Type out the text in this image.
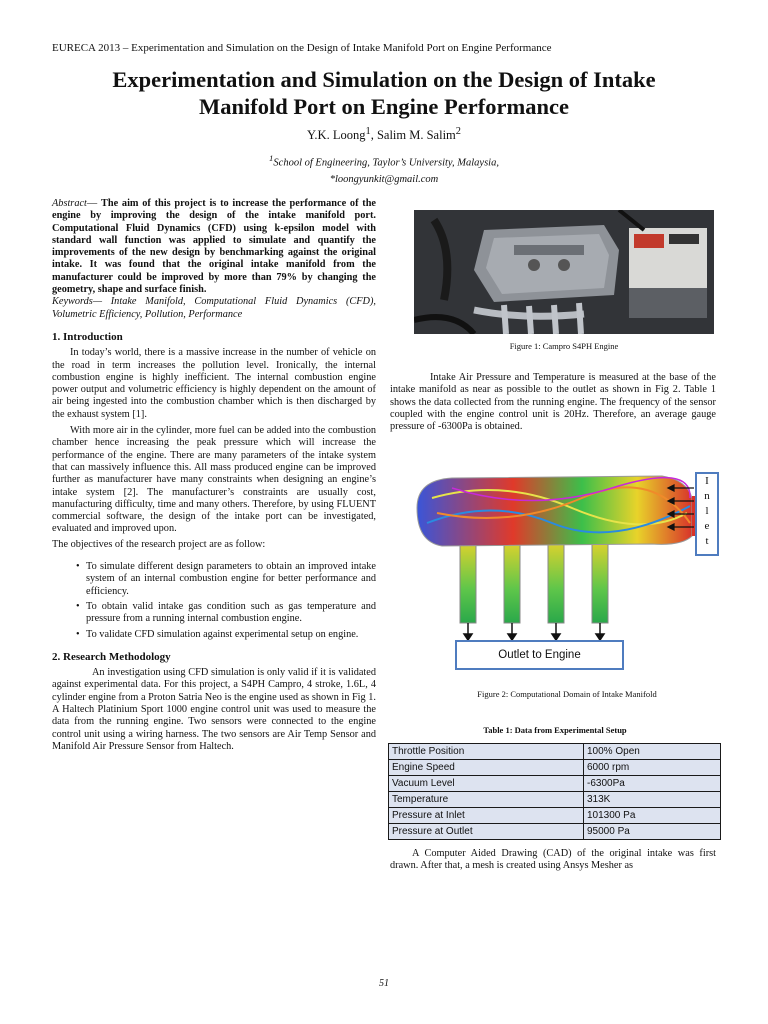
EURECA 2013 – Experimentation and Simulation on the Design of Intake Manifold Port on Engine Performance
Experimentation and Simulation on the Design of Intake
Manifold Port on Engine Performance
Y.K. Loong$^1$, Salim M. Salim$^2$
$^1$School of Engineering, Taylor’s University, Malaysia,
*loongyunkit@gmail.com

Abstract— The aim of this project is to increase the performance of the engine by improving the design of the intake manifold port. Computational Fluid Dynamics (CFD) using k-epsilon model with standard wall function was applied to simulate and quantify the improvements of the new design by benchmarking against the original intake. It was found that the original intake manifold from the manufacturer could be improved by more than 79% by changing the geometry, shape and surface finish.

Keywords— Intake Manifold, Computational Fluid Dynamics (CFD), Volumetric Efficiency, Pollution, Performance

1. Introduction

In today’s world, there is a massive increase in the number of vehicle on the road in term increases the pollution level. Ironically, the internal combustion engine is highly inefficient. The internal combustion engine power output and volumetric efficiency is highly dependent on the amount of air being ingested into the combustion chamber which is then discharged by the exhaust system [1].

With more air in the cylinder, more fuel can be added into the combustion chamber hence increasing the peak pressure which will increase the performance of the engine. There are many parameters of the intake system that can massively influence this. All mass produced engine can be improved further as manufacturer have many constraints when designing an engine’s intake system [2]. The manufacturer’s constraints are usually cost, manufacturing difficulty, time and many others. Therefore, by using FLUENT commercial software, the design of the intake port can be investigated, evaluated and improved upon.

The objectives of the research project are as follow:

• To simulate different design parameters to obtain an improved intake system of an internal combustion engine for better performance and efficiency.
• To obtain valid intake gas condition such as gas temperature and pressure from a running internal combustion engine.
• To validate CFD simulation against experimental setup on engine.

2. Research Methodology

An investigation using CFD simulation is only valid if it is validated against experimental data. For this project, a S4PH Campro, 4 stroke, 1.6L, 4 cylinder engine from a Proton Satria Neo is the engine used as shown in Fig 1. A Haltech Platinium Sport 1000 engine control unit was used to measure the data from the running engine. Two sensors were connected to the engine control unit using a wiring harness. The two sensors are Air Temp Sensor and Manifold Air Pressure Sensor from Haltech.

Figure 1: Campro S4PH Engine

Intake Air Pressure and Temperature is measured at the base of the intake manifold as near as possible to the outlet as shown in Fig 2. Table 1 shows the data collected from the running engine. The frequency of the sensor coupled with the engine control unit is 20Hz. Therefore, an average gauge pressure of -6300Pa is obtained.

I
n
l
e
t
Outlet to Engine
Figure 2: Computational Domain of Intake Manifold
Table 1: Data from Experimental Setup
Throttle Position	100% Open
Engine Speed	6000 rpm
Vacuum Level	-6300Pa
Temperature	313K
Pressure at Inlet	101300 Pa
Pressure at Outlet	95000 Pa

A Computer Aided Drawing (CAD) of the original intake was first drawn. After that, a mesh is created using Ansys Mesher as

51
